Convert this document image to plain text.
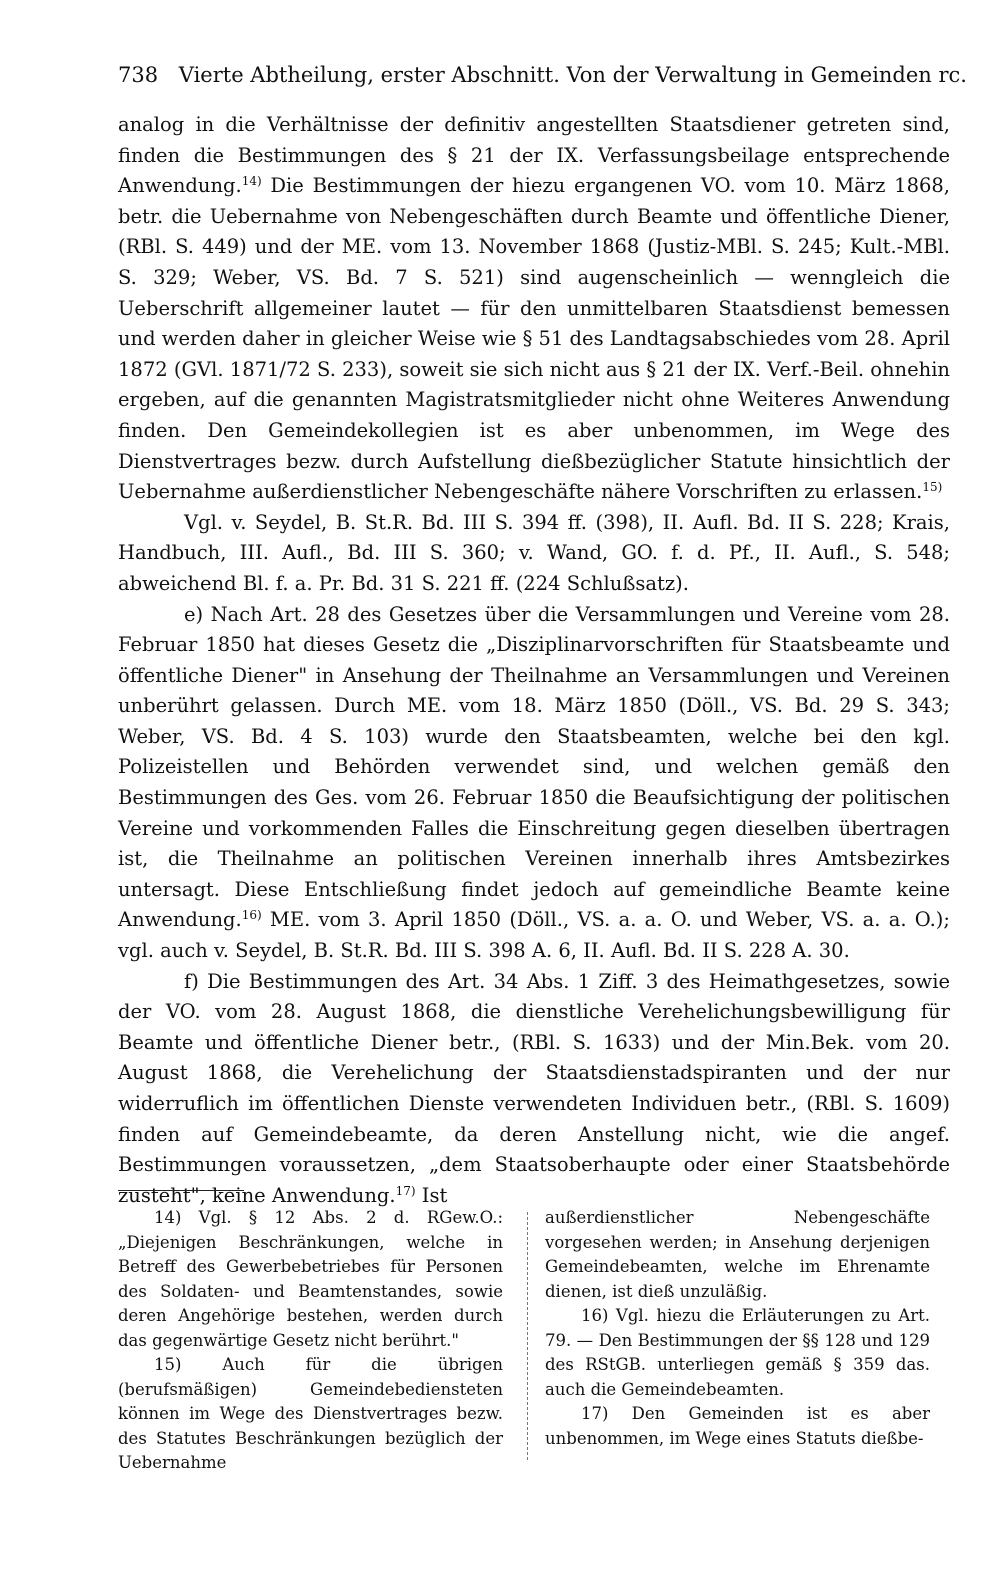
738 Vierte Abtheilung, erster Abschnitt. Von der Verwaltung in Gemeinden rc.

analog in die Verhältnisse der definitiv angestellten Staatsdiener getreten sind, finden die Bestimmungen des § 21 der IX. Verfassungsbeilage entsprechende Anwendung.$^{14)}$ Die Bestimmungen der hiezu ergangenen VO. vom 10. März 1868, betr. die Uebernahme von Nebengeschäften durch Beamte und öffentliche Diener, (RBl. S. 449) und der ME. vom 13. November 1868 (Justiz-MBl. S. 245; Kult.-MBl. S. 329; Weber, VS. Bd. 7 S. 521) sind augenscheinlich — wenngleich die Ueberschrift allgemeiner lautet — für den unmittelbaren Staatsdienst bemessen und werden daher in gleicher Weise wie § 51 des Landtagsabschiedes vom 28. April 1872 (GVl. 1871/72 S. 233), soweit sie sich nicht aus § 21 der IX. Verf.-Beil. ohnehin ergeben, auf die genannten Magistratsmitglieder nicht ohne Weiteres Anwendung finden. Den Gemeindekollegien ist es aber unbenommen, im Wege des Dienstvertrages bezw. durch Aufstellung dießbezüglicher Statute hinsichtlich der Uebernahme außerdienstlicher Nebengeschäfte nähere Vorschriften zu erlassen.$^{15)}$

Vgl. v. Seydel, B. St.R. Bd. III S. 394 ff. (398), II. Aufl. Bd. II S. 228; Krais, Handbuch, III. Aufl., Bd. III S. 360; v. Wand, GO. f. d. Pf., II. Aufl., S. 548; abweichend Bl. f. a. Pr. Bd. 31 S. 221 ff. (224 Schlußsatz).

e) Nach Art. 28 des Gesetzes über die Versammlungen und Vereine vom 28. Februar 1850 hat dieses Gesetz die „Disziplinarvorschriften für Staatsbeamte und öffentliche Diener" in Ansehung der Theilnahme an Versammlungen und Vereinen unberührt gelassen. Durch ME. vom 18. März 1850 (Döll., VS. Bd. 29 S. 343; Weber, VS. Bd. 4 S. 103) wurde den Staatsbeamten, welche bei den kgl. Polizeistellen und Behörden verwendet sind, und welchen gemäß den Bestimmungen des Ges. vom 26. Februar 1850 die Beaufsichtigung der politischen Vereine und vorkommenden Falles die Einschreitung gegen dieselben übertragen ist, die Theilnahme an politischen Vereinen innerhalb ihres Amtsbezirkes untersagt. Diese Entschließung findet jedoch auf gemeindliche Beamte keine Anwendung.$^{16)}$ ME. vom 3. April 1850 (Döll., VS. a. a. O. und Weber, VS. a. a. O.); vgl. auch v. Seydel, B. St.R. Bd. III S. 398 A. 6, II. Aufl. Bd. II S. 228 A. 30.

f) Die Bestimmungen des Art. 34 Abs. 1 Ziff. 3 des Heimathgesetzes, sowie der VO. vom 28. August 1868, die dienstliche Verehelichungsbewilligung für Beamte und öffentliche Diener betr., (RBl. S. 1633) und der Min.Bek. vom 20. August 1868, die Verehelichung der Staatsdienstadspiranten und der nur widerruflich im öffentlichen Dienste verwendeten Individuen betr., (RBl. S. 1609) finden auf Gemeindebeamte, da deren Anstellung nicht, wie die angef. Bestimmungen voraussetzen, „dem Staatsoberhaupte oder einer Staatsbehörde zusteht", keine Anwendung.$^{17)}$ Ist

14) Vgl. § 12 Abs. 2 d. RGew.O.: „Diejenigen Beschränkungen, welche in Betreff des Gewerbebetriebes für Personen des Soldaten- und Beamtenstandes, sowie deren Angehörige bestehen, werden durch das gegenwärtige Gesetz nicht berührt."

15) Auch für die übrigen (berufsmäßigen) Gemeindebediensteten können im Wege des Dienstvertrages bezw. des Statutes Beschränkungen bezüglich der Uebernahme

außerdienstlicher Nebengeschäfte vorgesehen werden; in Ansehung derjenigen Gemeindebeamten, welche im Ehrenamte dienen, ist dieß unzuläßig.

16) Vgl. hiezu die Erläuterungen zu Art. 79. — Den Bestimmungen der §§ 128 und 129 des RStGB. unterliegen gemäß § 359 das. auch die Gemeindebeamten.

17) Den Gemeinden ist es aber unbenommen, im Wege eines Statuts dießbe-
